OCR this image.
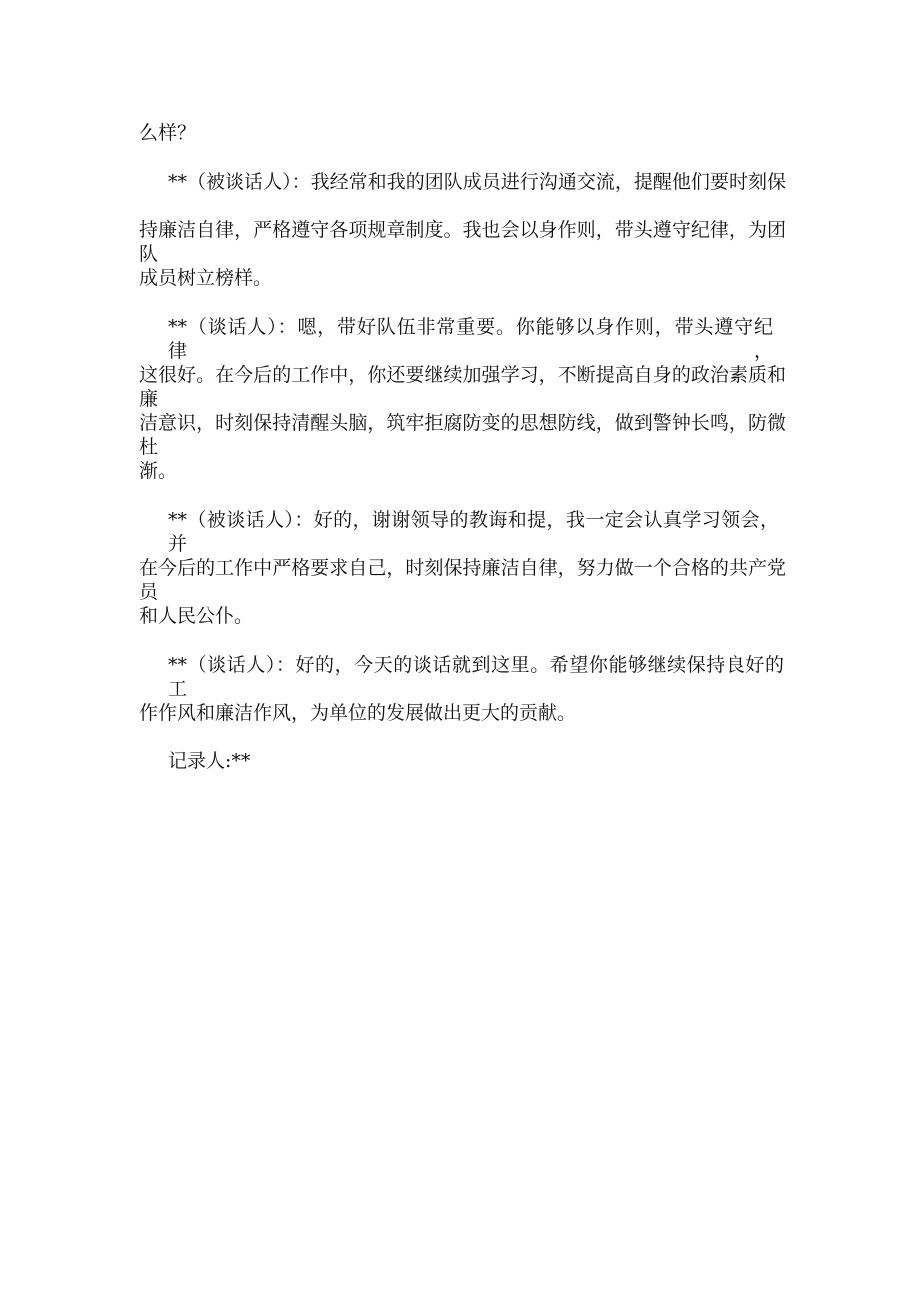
么样？
**（被谈话人）：我经常和我的团队成员进行沟通交流，提醒他们要时刻保
持廉洁自律，严格遵守各项规章制度。我也会以身作则，带头遵守纪律，为团队
成员树立榜样。
**（谈话人）：嗯，带好队伍非常重要。你能够以身作则，带头遵守纪律，
这很好。在今后的工作中，你还要继续加强学习，不断提高自身的政治素质和廉
洁意识，时刻保持清醒头脑，筑牢拒腐防变的思想防线，做到警钟长鸣，防微杜
渐。
**（被谈话人）：好的，谢谢领导的教诲和提，我一定会认真学习领会，并
在今后的工作中严格要求自己，时刻保持廉洁自律，努力做一个合格的共产党员
和人民公仆。
**（谈话人）：好的，今天的谈话就到这里。希望你能够继续保持良好的工
作作风和廉洁作风，为单位的发展做出更大的贡献。
记录人:**
